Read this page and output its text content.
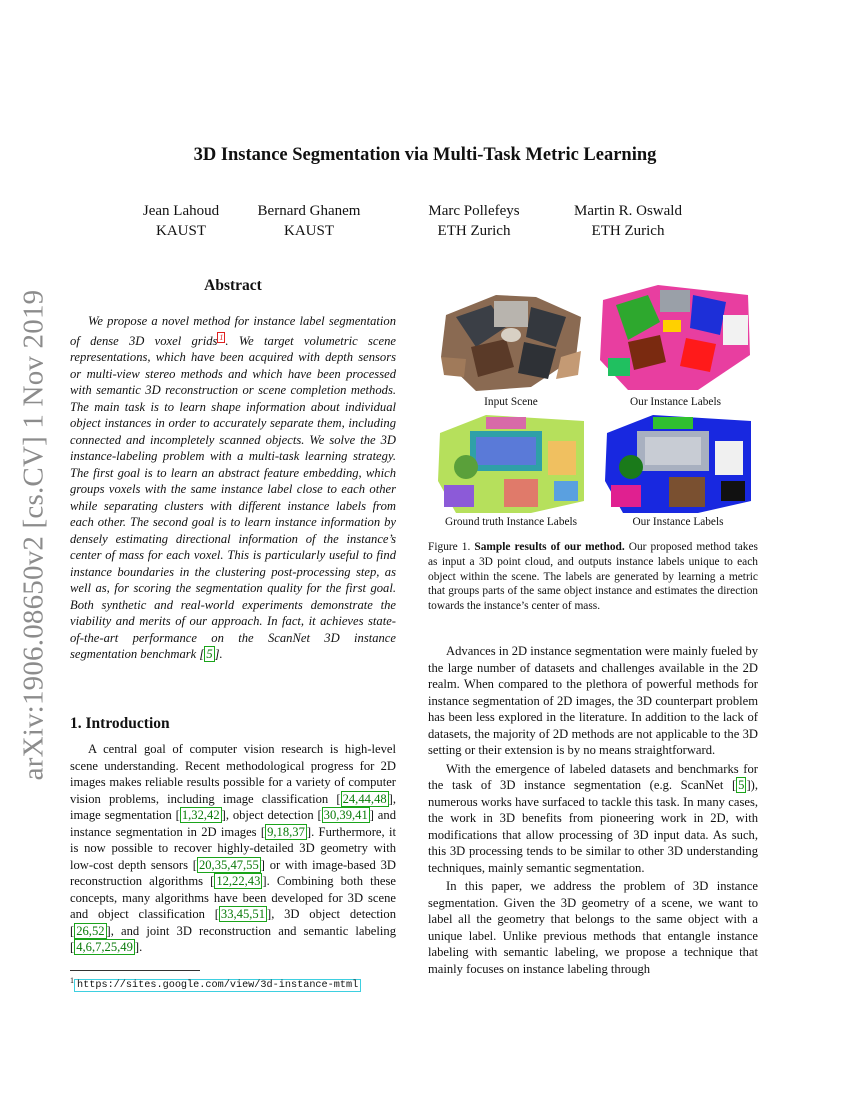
arXiv:1906.08650v2 [cs.CV] 1 Nov 2019
3D Instance Segmentation via Multi-Task Metric Learning
Jean Lahoud
KAUST
Bernard Ghanem
KAUST
Marc Pollefeys
ETH Zurich
Martin R. Oswald
ETH Zurich
Abstract

We propose a novel method for instance label segmentation of dense 3D voxel grids $^1$ . We target volumetric scene representations, which have been acquired with depth sensors or multi-view stereo methods and which have been processed with semantic 3D reconstruction or scene completion methods. The main task is to learn shape information about individual object instances in order to accurately separate them, including connected and incompletely scanned objects. We solve the 3D instance-labeling problem with a multi-task learning strategy. The first goal is to learn an abstract feature embedding, which groups voxels with the same instance label close to each other while separating clusters with different instance labels from each other. The second goal is to learn instance information by densely estimating directional information of the instance’s center of mass for each voxel. This is particularly useful to find instance boundaries in the clustering post-processing step, as well as, for scoring the segmentation quality for the first goal. Both synthetic and real-world experiments demonstrate the viability and merits of our approach. In fact, it achieves state-of-the-art performance on the ScanNet 3D instance segmentation benchmark [ 5 ].

Input Scene	Our Instance Labels
Ground truth Instance Labels	Our Instance Labels
Figure 1. Sample results of our method. Our proposed method takes as input a 3D point cloud, and outputs instance labels unique to each object within the scene. The labels are generated by learning a metric that groups parts of the same object instance and estimates the direction towards the instance’s center of mass.

Advances in 2D instance segmentation were mainly fueled by the large number of datasets and challenges available in the 2D realm. When compared to the plethora of powerful methods for instance segmentation of 2D images, the 3D counterpart problem has been less explored in the literature. In addition to the lack of datasets, the majority of 2D methods are not applicable to the 3D setting or their extension is by no means straightforward.

With the emergence of labeled datasets and benchmarks for the task of 3D instance segmentation (e.g. ScanNet [ 5 ]), numerous works have surfaced to tackle this task. In many cases, the work in 3D benefits from pioneering work in 2D, with modifications that allow processing of 3D input data. As such, this 3D processing tends to be similar to other 3D understanding techniques, mainly semantic segmentation.

In this paper, we address the problem of 3D instance segmentation. Given the 3D geometry of a scene, we want to label all the geometry that belongs to the same object with a unique label. Unlike previous methods that entangle instance labeling with semantic labeling, we propose a technique that mainly focuses on instance labeling through

1. Introduction

A central goal of computer vision research is high-level scene understanding. Recent methodological progress for 2D images makes reliable results possible for a variety of computer vision problems, including image classification [ 24,44,48 ], image segmentation [ 1,32,42 ], object detection [ 30,39,41 ] and instance segmentation in 2D images [ 9,18,37 ]. Furthermore, it is now possible to recover highly-detailed 3D geometry with low-cost depth sensors [ 20,35,47,55 ] or with image-based 3D reconstruction algorithms [ 12,22,43 ]. Combining both these concepts, many algorithms have been developed for 3D scene and object classification [ 33,45,51 ], 3D object detection [ 26,52 ], and joint 3D reconstruction and semantic labeling [ 4,6,7,25,49 ].

$^1$ https://sites.google.com/view/3d-instance-mtml
